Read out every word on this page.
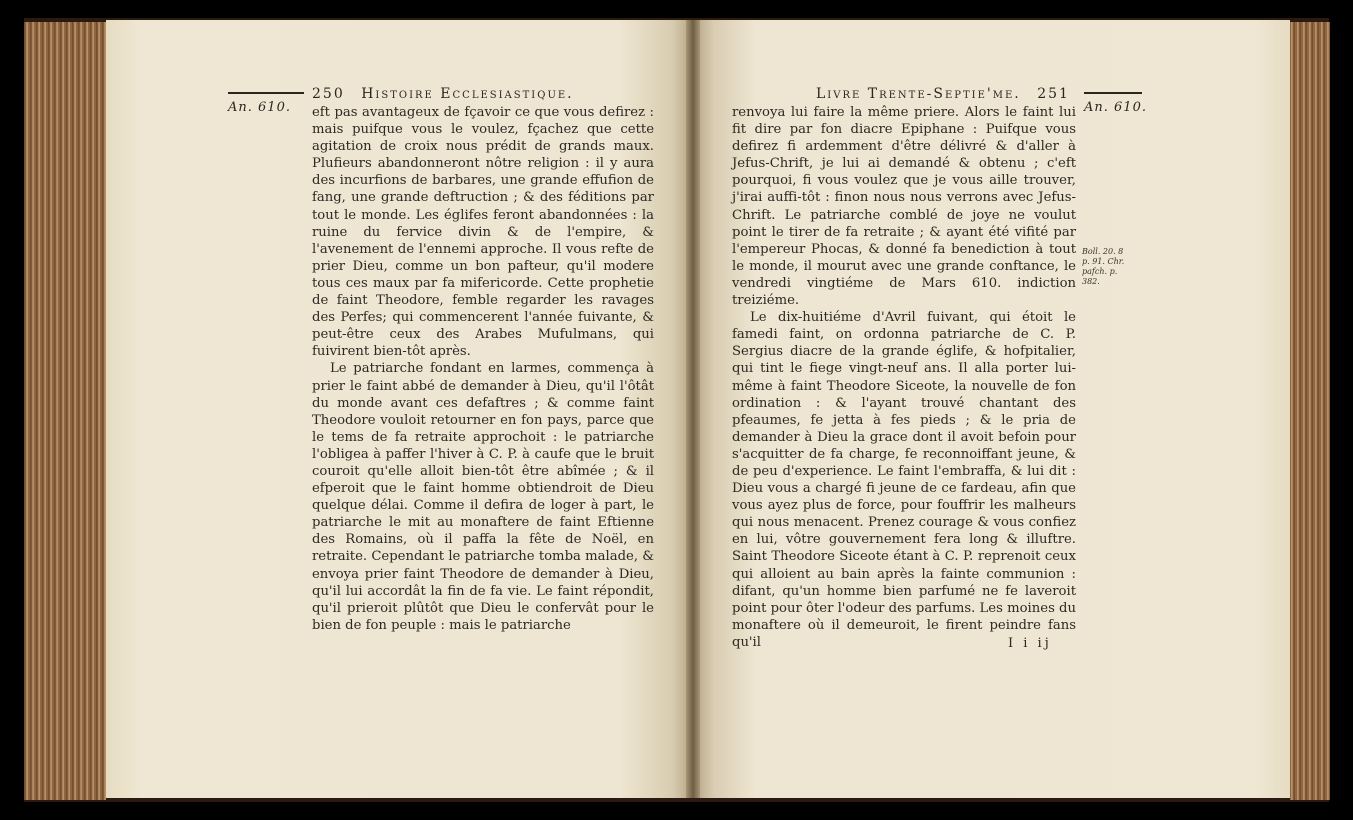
An. 610.
250 Histoire Ecclesiastique.

eft pas avantageux de fçavoir ce que vous defirez : mais puifque vous le voulez, fçachez que cette agitation de croix nous prédit de grands maux. Plufieurs abandonneront nôtre religion : il y aura des incurfions de barbares, une grande effufion de fang, une grande deftruction ; & des féditions par tout le monde. Les églifes feront abandonnées : la ruine du fervice divin & de l'empire, & l'avenement de l'ennemi approche. Il vous refte de prier Dieu, comme un bon pafteur, qu'il modere tous ces maux par fa mifericorde. Cette prophetie de faint Theodore, femble regarder les ravages des Perfes; qui commencerent l'année fuivante, & peut-être ceux des Arabes Mufulmans, qui fuivirent bien-tôt après.

Le patriarche fondant en larmes, commença à prier le faint abbé de demander à Dieu, qu'il l'ôtât du monde avant ces defaftres ; & comme faint Theodore vouloit retourner en fon pays, parce que le tems de fa retraite approchoit : le patriarche l'obligea à paffer l'hiver à C. P. à caufe que le bruit couroit qu'elle alloit bien-tôt être abîmée ; & il efperoit que le faint homme obtiendroit de Dieu quelque délai. Comme il defira de loger à part, le patriarche le mit au monaftere de faint Eftienne des Romains, où il paffa la fête de Noël, en retraite. Cependant le patriarche tomba malade, & envoya prier faint Theodore de demander à Dieu, qu'il lui accordât la fin de fa vie. Le faint répondit, qu'il prieroit plûtôt que Dieu le confervât pour le bien de fon peuple : mais le patriarche

Livre Trente-Septie'me. 251
An. 610.
Boll. 20. 8 p. 91. Chr. pafch. p. 382.

renvoya lui faire la même priere. Alors le faint lui fit dire par fon diacre Epiphane : Puifque vous defirez fi ardemment d'être délivré & d'aller à Jefus-Chrift, je lui ai demandé & obtenu ; c'eft pourquoi, fi vous voulez que je vous aille trouver, j'irai auffi-tôt : finon nous nous verrons avec Jefus-Chrift. Le patriarche comblé de joye ne voulut point le tirer de fa retraite ; & ayant été vifité par l'empereur Phocas, & donné fa benediction à tout le monde, il mourut avec une grande conftance, le vendredi vingtiéme de Mars 610. indiction treiziéme.

Le dix-huitiéme d'Avril fuivant, qui étoit le famedi faint, on ordonna patriarche de C. P. Sergius diacre de la grande églife, & hofpitalier, qui tint le fiege vingt-neuf ans. Il alla porter lui-même à faint Theodore Siceote, la nouvelle de fon ordination : & l'ayant trouvé chantant des pfeaumes, fe jetta à fes pieds ; & le pria de demander à Dieu la grace dont il avoit befoin pour s'acquitter de fa charge, fe reconnoiffant jeune, & de peu d'experience. Le faint l'embraffa, & lui dit : Dieu vous a chargé fi jeune de ce fardeau, afin que vous ayez plus de force, pour fouffrir les malheurs qui nous menacent. Prenez courage & vous confiez en lui, vôtre gouvernement fera long & illuftre. Saint Theodore Siceote étant à C. P. reprenoit ceux qui alloient au bain après la fainte communion : difant, qu'un homme bien parfumé ne fe laveroit point pour ôter l'odeur des parfums. Les moines du monaftere où il demeuroit, le firent peindre fans qu'il	I i ij
